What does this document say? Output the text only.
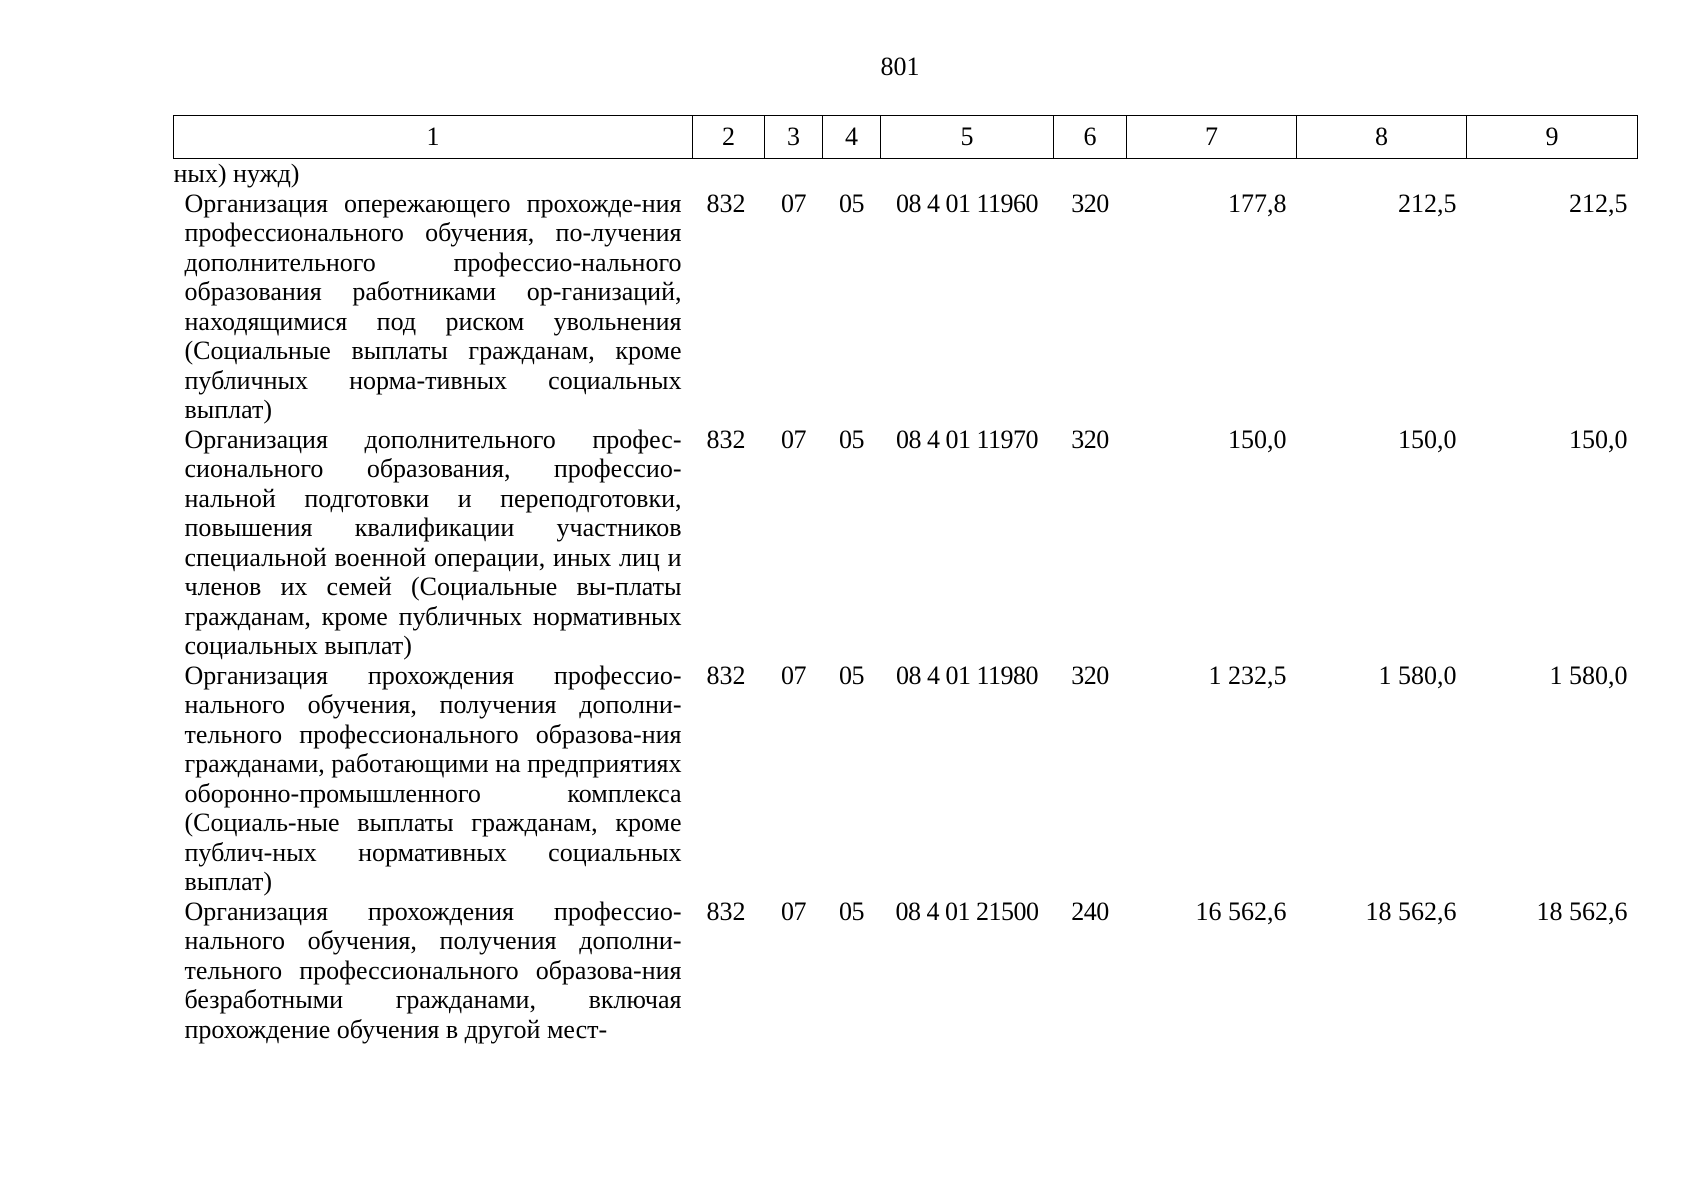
801
1	2	3	4	5	6	7	8	9
ных) нужд)								
Организация опережающего прохожде-ния профессионального обучения, по-лучения дополнительного профессио-нального образования работниками ор-ганизаций, находящимися под риском увольнения (Социальные выплаты гражданам, кроме публичных норма-тивных социальных выплат)	832	07	05	08 4 01 11960	320	177,8	212,5	212,5
Организация дополнительного профес-сионального образования, профессио-нальной подготовки и переподготовки, повышения квалификации участников специальной военной операции, иных лиц и членов их семей (Социальные вы-платы гражданам, кроме публичных нормативных социальных выплат)	832	07	05	08 4 01 11970	320	150,0	150,0	150,0
Организация прохождения профессио-нального обучения, получения дополни-тельного профессионального образова-ния гражданами, работающими на предприятиях оборонно-промышленного комплекса (Социаль-ные выплаты гражданам, кроме публич-ных нормативных социальных выплат)	832	07	05	08 4 01 11980	320	1 232,5	1 580,0	1 580,0
Организация прохождения профессио-нального обучения, получения дополни-тельного профессионального образова-ния безработными гражданами, включая прохождение обучения в другой мест-	832	07	05	08 4 01 21500	240	16 562,6	18 562,6	18 562,6
